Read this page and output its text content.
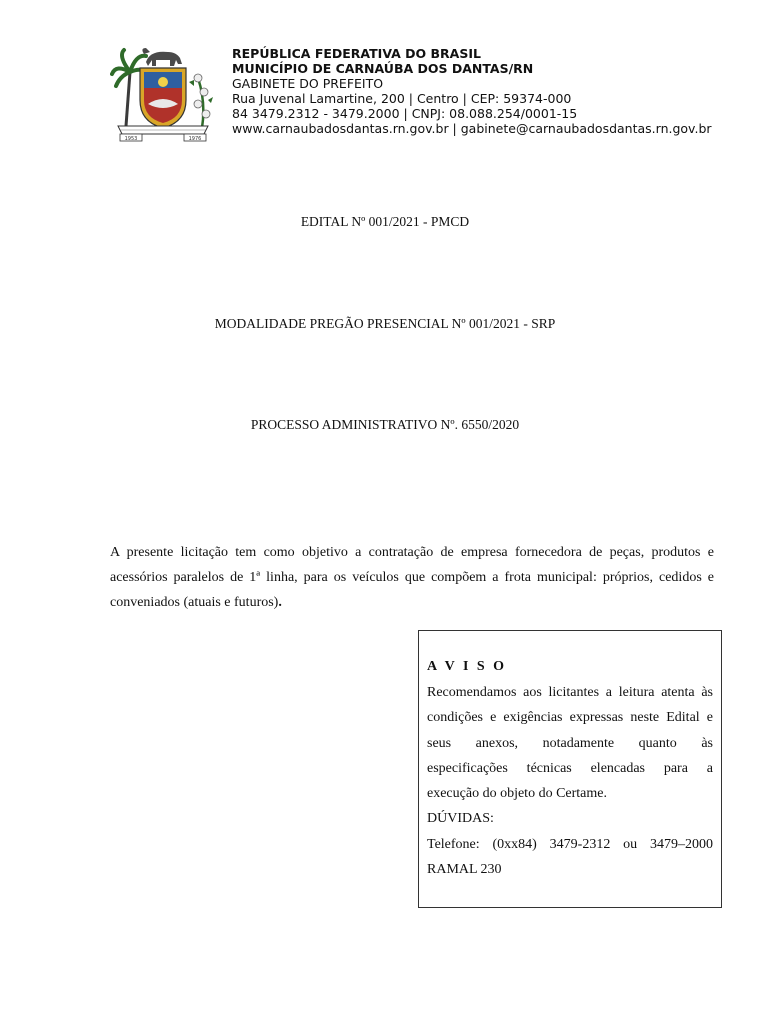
1953	1976
REPÚBLICA FEDERATIVA DO BRASIL
MUNICÍPIO DE CARNAÚBA DOS DANTAS/RN
GABINETE DO PREFEITO
Rua Juvenal Lamartine, 200 | Centro | CEP: 59374-000
84 3479.2312 - 3479.2000 | CNPJ: 08.088.254/0001-15
www.carnaubadosdantas.rn.gov.br | gabinete@carnaubadosdantas.rn.gov.br
EDITAL Nº 001/2021 - PMCD
MODALIDADE PREGÃO PRESENCIAL Nº 001/2021 - SRP
PROCESSO ADMINISTRATIVO Nº. 6550/2020
A presente licitação tem como objetivo a contratação de empresa fornecedora de peças, produtos e acessórios paralelos de 1ª linha, para os veículos que compõem a frota municipal: próprios, cedidos e conveniados (atuais e futuros).
A V I S O
Recomendamos aos licitantes a leitura atenta às condições e exigências expressas neste Edital e seus anexos, notadamente quanto às especificações técnicas elencadas para a
execução do objeto do Certame.
DÚVIDAS:
Telefone: (0xx84) 3479-2312 ou 3479–2000
RAMAL 230
